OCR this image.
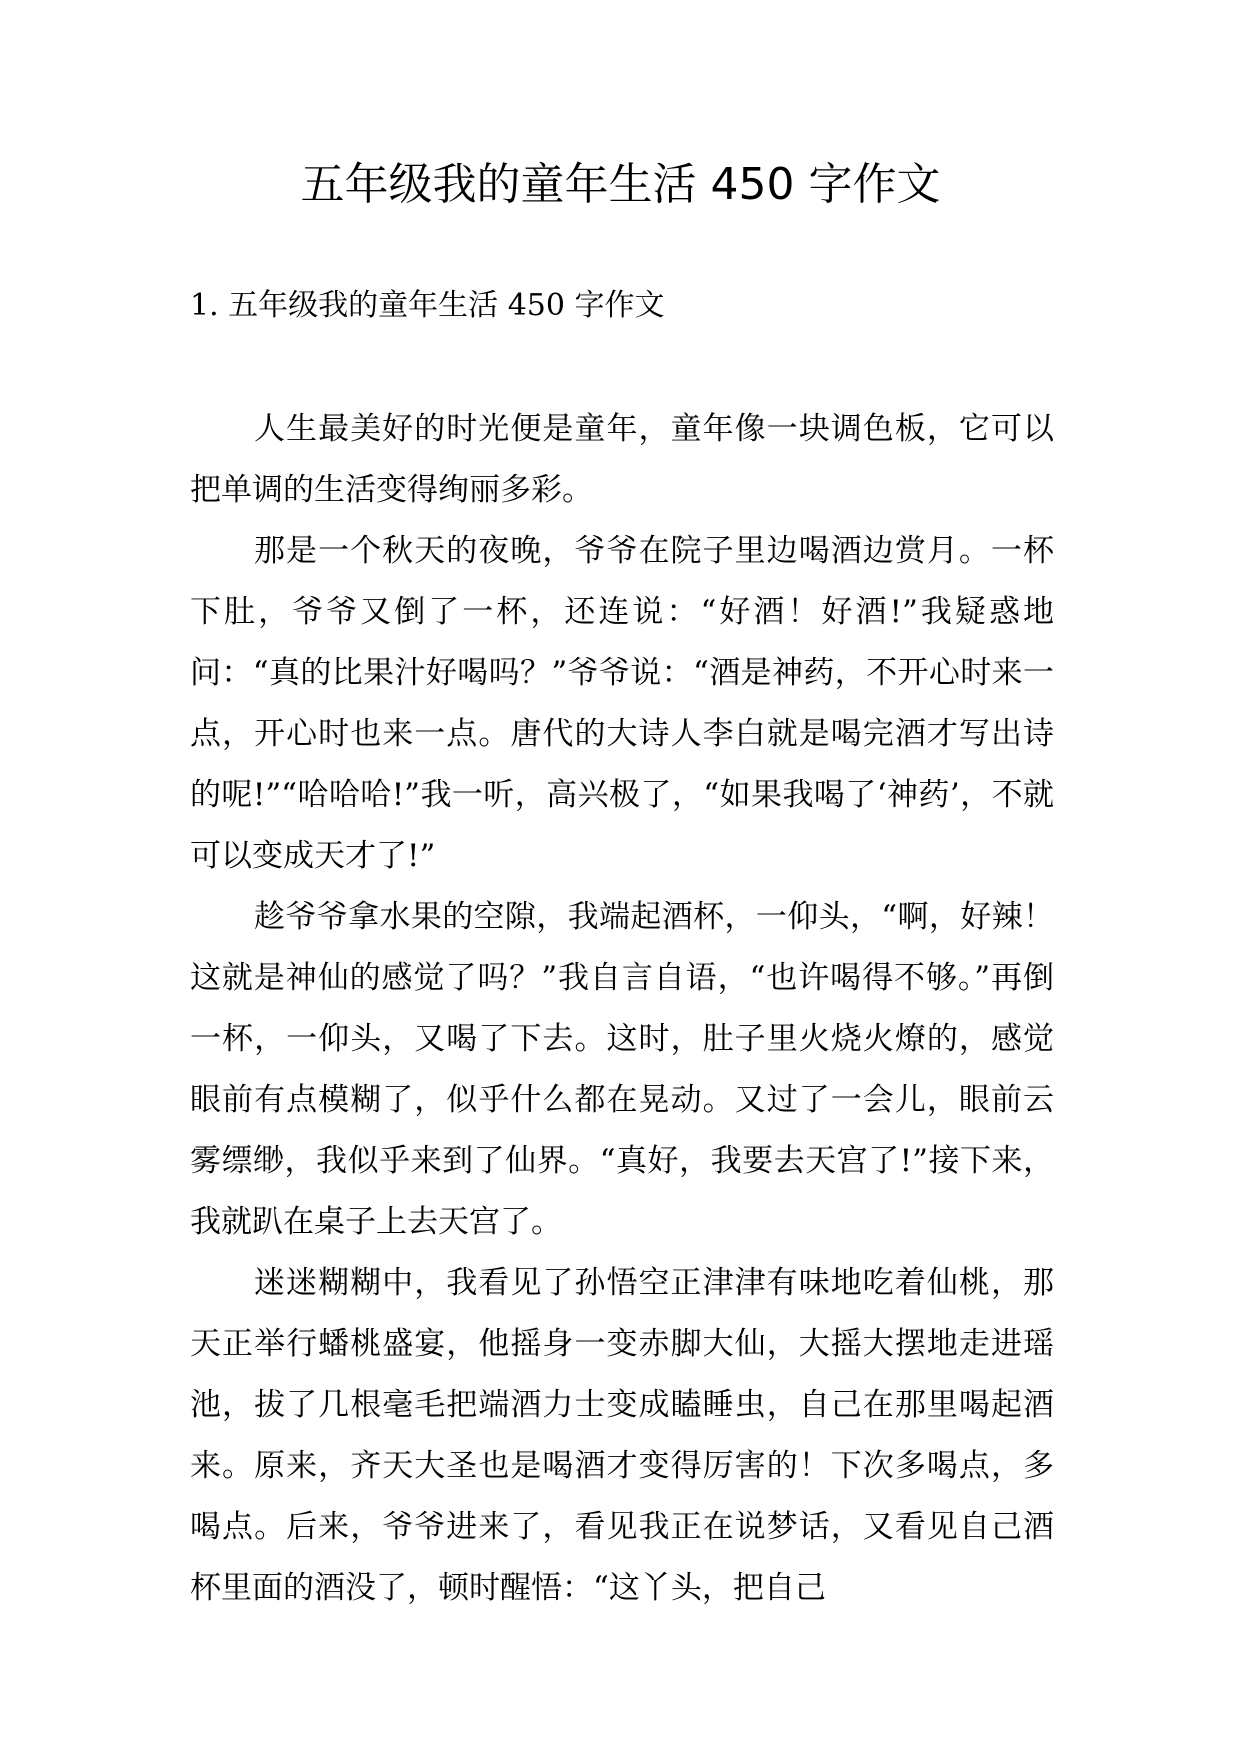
五年级我的童年生活 450 字作文
1. 五年级我的童年生活 450 字作文

人生最美好的时光便是童年，童年像一块调色板，它可以把单调的生活变得绚丽多彩。

那是一个秋天的夜晚，爷爷在院子里边喝酒边赏月。一杯下肚，爷爷又倒了一杯，还连说：“好酒！好酒!”我疑惑地问：“真的比果汁好喝吗？”爷爷说：“酒是神药，不开心时来一点，开心时也来一点。唐代的大诗人李白就是喝完酒才写出诗的呢!”“哈哈哈!”我一听，高兴极了，“如果我喝了‘神药’，不就可以变成天才了!”

趁爷爷拿水果的空隙，我端起酒杯，一仰头，“啊，好辣！这就是神仙的感觉了吗？”我自言自语，“也许喝得不够。”再倒一杯，一仰头，又喝了下去。这时，肚子里火烧火燎的，感觉眼前有点模糊了，似乎什么都在晃动。又过了一会儿，眼前云雾缥缈，我似乎来到了仙界。“真好，我要去天宫了!”接下来，我就趴在桌子上去天宫了。

迷迷糊糊中，我看见了孙悟空正津津有味地吃着仙桃，那天正举行蟠桃盛宴，他摇身一变赤脚大仙，大摇大摆地走进瑶池，拔了几根毫毛把端酒力士变成瞌睡虫，自己在那里喝起酒来。原来，齐天大圣也是喝酒才变得厉害的！下次多喝点，多喝点。后来，爷爷进来了，看见我正在说梦话，又看见自己酒杯里面的酒没了，顿时醒悟：“这丫头，把自己
